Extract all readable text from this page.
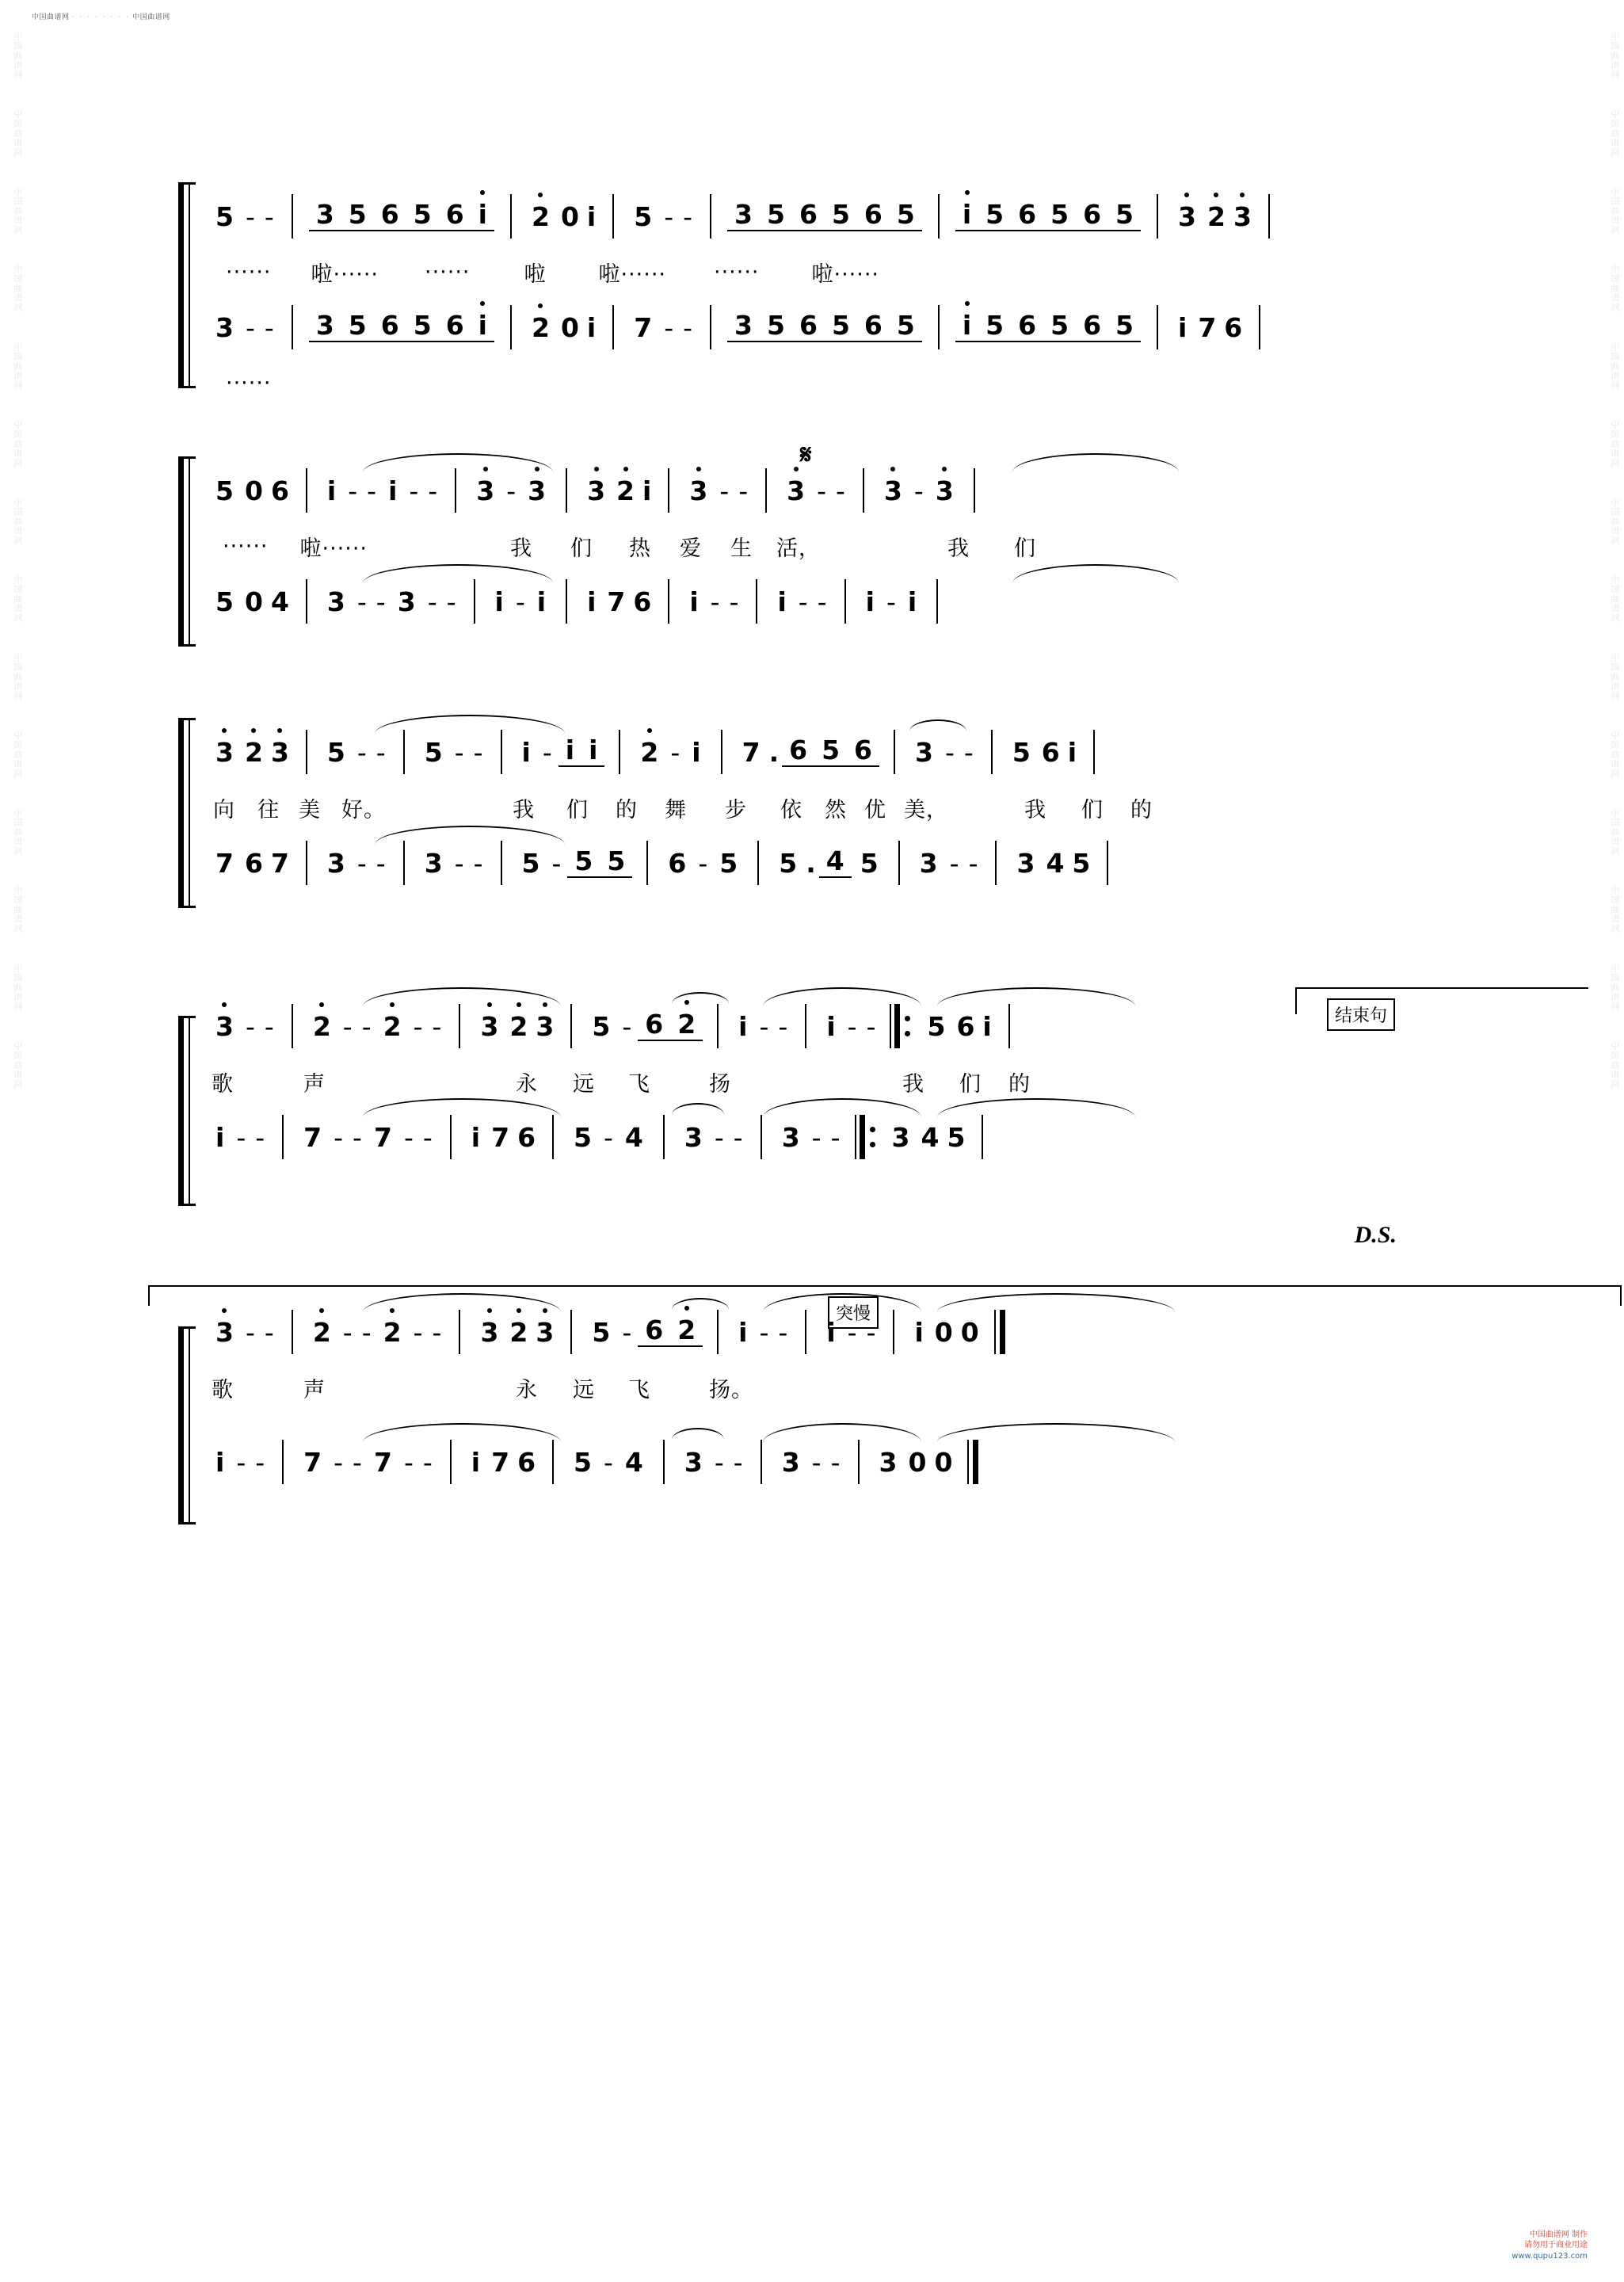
中国曲谱网
中国曲谱网
中国曲谱网
中国曲谱网
中国曲谱网
中国曲谱网
中国曲谱网
中国曲谱网
中国曲谱网
中国曲谱网
中国曲谱网
中国曲谱网
中国曲谱网
中国曲谱网
中国曲谱网
中国曲谱网
中国曲谱网
中国曲谱网
中国曲谱网
中国曲谱网
中国曲谱网
中国曲谱网
中国曲谱网
中国曲谱网
中国曲谱网
中国曲谱网
中国曲谱网
中国曲谱网
中国曲谱网 · · · · · · · · 中国曲谱网
5 - - 3 5 6 5 6 i 2 0 i 5 - - 3 5 6 5 6 5 i 5 6 5 6 5 3 2 3
······ 啦······ ······	啦 啦······ ······ 啦······
3 - - 3 5 6 5 6 i 2 0 i 7 - - 3 5 6 5 6 5 i 5 6 5 6 5 i 7 6
······
𝄋
5 0 6 i - - i - - 3 - 3 3 2 i 3 - - 3 - - 3 - 3
······ 啦······	我 们 热 爱 生 活，	我 们
5 0 4 3 - - 3 - - i - i i 7 6 i - - i - - i - i
3 2 3 5 - - 5 - - i - i i 2 - i 7 . 6 5 6 3 - - 5 6 i
向 往 美 好。	我 们 的 舞 步 依 然 优 美，	我 们 的
7 6 7 3 - - 3 - - 5 - 5 5 6 - 5 5 . 4 5 3 - - 3 4 5
结束句
3 - - 2 - - 2 - - 3 2 3 5 - 6 2 i - - i - - 5 6 i
歌	声	永 远 飞	扬	我 们 的
i - - 7 - - 7 - - i 7 6 5 - 4 3 - - 3 - - 3 4 5
D.S.
突慢
3 - - 2 - - 2 - - 3 2 3 5 - 6 2 i - - i - - i 0 0
歌	声	永 远 飞	扬。
i - - 7 - - 7 - - i 7 6 5 - 4 3 - - 3 - - 3 0 0
中国曲谱网 制作
请勿用于商业用途
www.qupu123.com
